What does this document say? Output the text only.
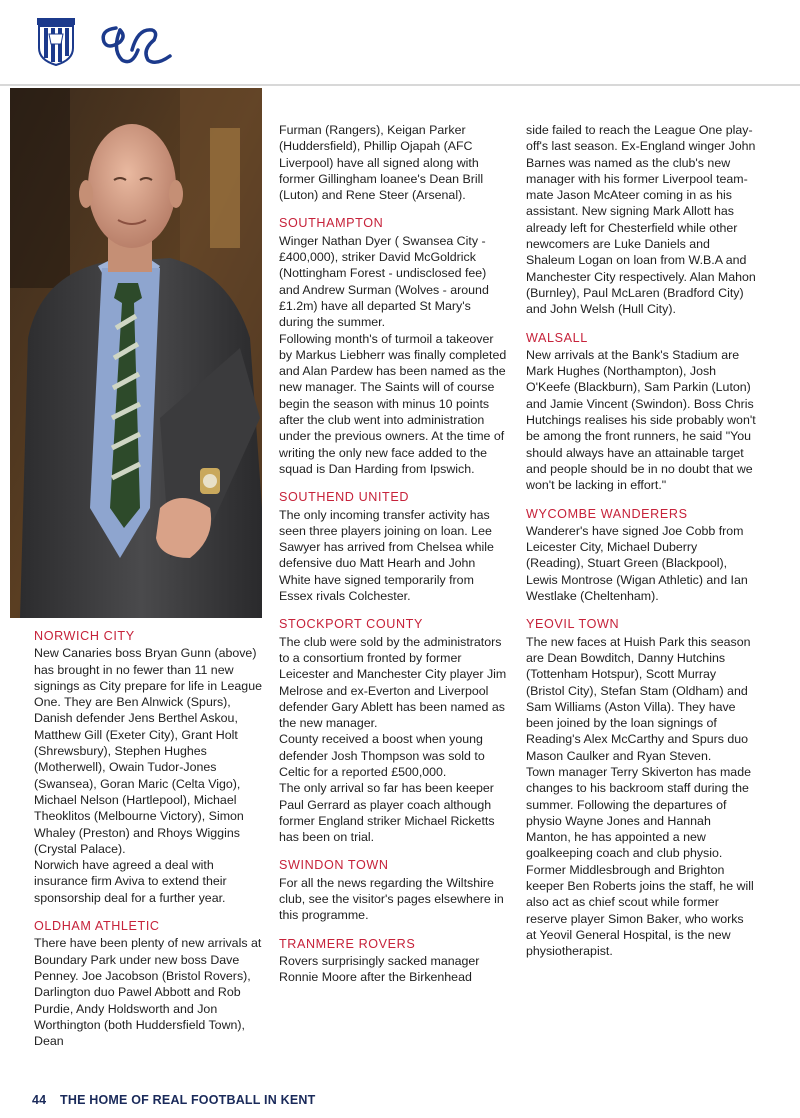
NORWICH CITY

New Canaries boss Bryan Gunn (above) has brought in no fewer than 11 new signings as City prepare for life in League One. They are Ben Alnwick (Spurs), Danish defender Jens Berthel Askou, Matthew Gill (Exeter City), Grant Holt (Shrewsbury), Stephen Hughes (Motherwell), Owain Tudor-Jones (Swansea), Goran Maric (Celta Vigo), Michael Nelson (Hartlepool), Michael Theoklitos (Melbourne Victory), Simon Whaley (Preston) and Rhoys Wiggins (Crystal Palace).

Norwich have agreed a deal with insurance firm Aviva to extend their sponsorship deal for a further year.

OLDHAM ATHLETIC

There have been plenty of new arrivals at Boundary Park under new boss Dave Penney. Joe Jacobson (Bristol Rovers), Darlington duo Pawel Abbott and Rob Purdie, Andy Holdsworth and Jon Worthington (both Huddersfield Town), Dean

Furman (Rangers), Keigan Parker (Huddersfield), Phillip Ojapah (AFC Liverpool) have all signed along with former Gillingham loanee's Dean Brill (Luton) and Rene Steer (Arsenal).

SOUTHAMPTON

Winger Nathan Dyer ( Swansea City - £400,000), striker David McGoldrick (Nottingham Forest - undisclosed fee) and Andrew Surman (Wolves - around £1.2m) have all departed St Mary's during the summer.

Following month's of turmoil a takeover by Markus Liebherr was finally completed and Alan Pardew has been named as the new manager. The Saints will of course begin the season with minus 10 points after the club went into administration under the previous owners. At the time of writing the only new face added to the squad is Dan Harding from Ipswich.

SOUTHEND UNITED

The only incoming transfer activity has seen three players joining on loan. Lee Sawyer has arrived from Chelsea while defensive duo Matt Hearh and John White have signed temporarily from Essex rivals Colchester.

STOCKPORT COUNTY

The club were sold by the administrators to a consortium fronted by former Leicester and Manchester City player Jim Melrose and ex-Everton and Liverpool defender Gary Ablett has been named as the new manager.

County received a boost when young defender Josh Thompson was sold to Celtic for a reported £500,000.

The only arrival so far has been keeper Paul Gerrard as player coach although former England striker Michael Ricketts has been on trial.

SWINDON TOWN

For all the news regarding the Wiltshire club, see the visitor's pages elsewhere in this programme.

TRANMERE ROVERS

Rovers surprisingly sacked manager Ronnie Moore after the Birkenhead

side failed to reach the League One play-off's last season. Ex-England winger John Barnes was named as the club's new manager with his former Liverpool team-mate Jason McAteer coming in as his assistant. New signing Mark Allott has already left for Chesterfield while other newcomers are Luke Daniels and Shaleum Logan on loan from W.B.A and Manchester City respectively. Alan Mahon (Burnley), Paul McLaren (Bradford City) and John Welsh (Hull City).

WALSALL

New arrivals at the Bank's Stadium are Mark Hughes (Northampton), Josh O'Keefe (Blackburn), Sam Parkin (Luton) and Jamie Vincent (Swindon). Boss Chris Hutchings realises his side probably won't be among the front runners, he said "You should always have an attainable target and people should be in no doubt that we won't be lacking in effort."

WYCOMBE WANDERERS

Wanderer's have signed Joe Cobb from Leicester City, Michael Duberry (Reading), Stuart Green (Blackpool), Lewis Montrose (Wigan Athletic) and Ian Westlake (Cheltenham).

YEOVIL TOWN

The new faces at Huish Park this season are Dean Bowditch, Danny Hutchins (Tottenham Hotspur), Scott Murray (Bristol City), Stefan Stam (Oldham) and Sam Williams (Aston Villa). They have been joined by the loan signings of Reading's Alex McCarthy and Spurs duo Mason Caulker and Ryan Steven.

Town manager Terry Skiverton has made changes to his backroom staff during the summer. Following the departures of physio Wayne Jones and Hannah Manton, he has appointed a new goalkeeping coach and club physio. Former Middlesbrough and Brighton keeper Ben Roberts joins the staff, he will also act as chief scout while former reserve player Simon Baker, who works at Yeovil General Hospital, is the new physiotherapist.

44 THE HOME OF REAL FOOTBALL IN KENT
